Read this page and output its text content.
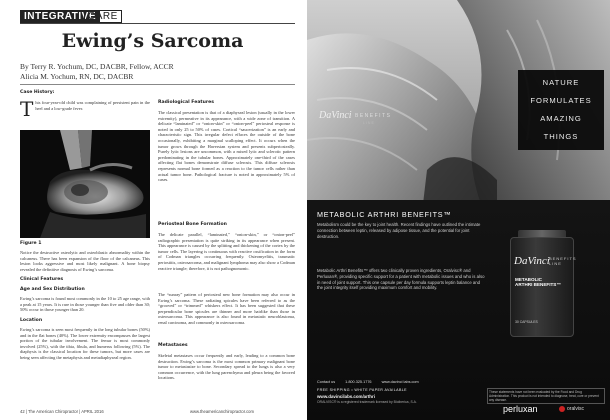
INTEGRATIVE
CARE
Ewing’s Sarcoma
By Terry R. Yochum, DC, DACBR, Fellow, ACCR
Alicia M. Yochum, RN, DC, DACBR
Case History:
This four-year-old child was complaining of persistent pain in the heel and a low-grade fever.
Figure 1
Notice the destructive osteolytic and osteoblastic abnormality within the calcaneus. There has been expansion of the floor of the calcaneus. This lesion looks aggressive and most likely malignant. A bone biopsy revealed the definitive diagnosis of Ewing’s sarcoma.
Clinical Features
Age and Sex Distribution
Ewing’s sarcoma is found most commonly in the 10 to 25 age range, with a peak at 15 years. It is rare in those younger than five and older than 30; 50% occur in those younger than 20.
Location
Ewing’s sarcoma is seen most frequently in the long tubular bones (50%) and in the flat bones (40%). The lower extremity encompasses the largest portion of the tubular involvement. The femur is most commonly involved (25%), with the tibia, fibula, and humerus following (5%). The diaphysis is the classical location for these tumors, but more cases are being seen affecting the metaphysis and metadiaphyseal region.
Radiological Features
The classical presentation is that of a diaphyseal lesion (usually in the lower extremity), permeative in its appearance, with a wide zone of transition. A delicate “laminated” or “onion-skin” or “onion-peel” periosteal response is noted in only 25 to 50% of cases. Cortical “saucerization” is an early and characteristic sign. This irregular defect effaces the outside of the bone occasionally, exhibiting a marginal scalloping effect. It occurs when the tumor grows through the Haversian system and presents subperiosteally. Purely lytic lesions are uncommon, with a mixed lytic and sclerotic pattern predominating in the tubular bones. Approximately one-third of the cases affecting flat bones demonstrate diffuse sclerosis. This diffuse sclerosis represents normal bone formed as a reaction to the tumor cells rather than actual tumor bone. Pathological fracture is noted in approximately 5% of cases.
Periosteal Bone Formation
The delicate parallel, “laminated,” “onion-skin,” or “onion-peel” radiographic presentation is quite striking in its appearance when present. This appearance is caused by the splitting and thickening of the cortex by the tumor cells. The layering is continuous with reactive ossification in the form of Codman triangles occurring frequently. Osteomyelitis, traumatic periostitis, osteosarcoma, and malignant lymphoma may also show a Codman reactive triangle; therefore, it is not pathognomonic.
The “sunray” pattern of periosteal new bone formation may also occur in Ewing’s sarcoma. These radiating spicules have been referred to as the “grooved” or “trimmed” whiskers effect. It has been suggested that these perpendicular bone spicules are thinner and more hairlike than those in osteosarcoma. This appearance is also found in metastatic neuroblastoma, renal carcinoma, and commonly in osteosarcoma.
Metastases
Skeletal metastases occur frequently and early, leading to a common bone destruction. Ewing’s sarcoma is the most common primary malignant bone tumor to metastasize to bone. Secondary spread to the lungs is also a very common occurrence, with the lung parenchyma and pleura being the favored locations.
42 | The American Chiropractor | APRIL 2016	www.theamericanchiropractor.com
NATURE
FORMULATES
AMAZING
THINGS
DaVinci BENEFITS
LINE
METABOLIC ARTHRI BENEFITS™
Metabolism could be the key to joint health. Recent findings have outlined the intimate connection between leptin, released by adipose tissue, and the potential for joint destruction.
Metabolic Arthri Benefits™ offers two clinically proven ingredients, Oralvisc® and Perluxan®, providing specific support for a patient with metabolic issues and who is also in need of joint support. This one capsule per day formula supports leptin balance and the joint integrity itself providing maximum comfort and mobility.
DaVinci BENEFITS
LINE
METABOLIC
ARTHRI BENEFITS™
30 CAPSULES
Contact us	1.800.325.1776	www.davinci labs.com
FREE SHIPPING • WHITE PAPER AVAILABLE
www.davincilabs.com/arthri
ORALVISC® is a registered trademark licensed by Bioiberica, S.A.
These statements have not been evaluated by the Food and Drug Administration. This product is not intended to diagnose, treat, cure or prevent any disease.
perluxan	oralvisc
